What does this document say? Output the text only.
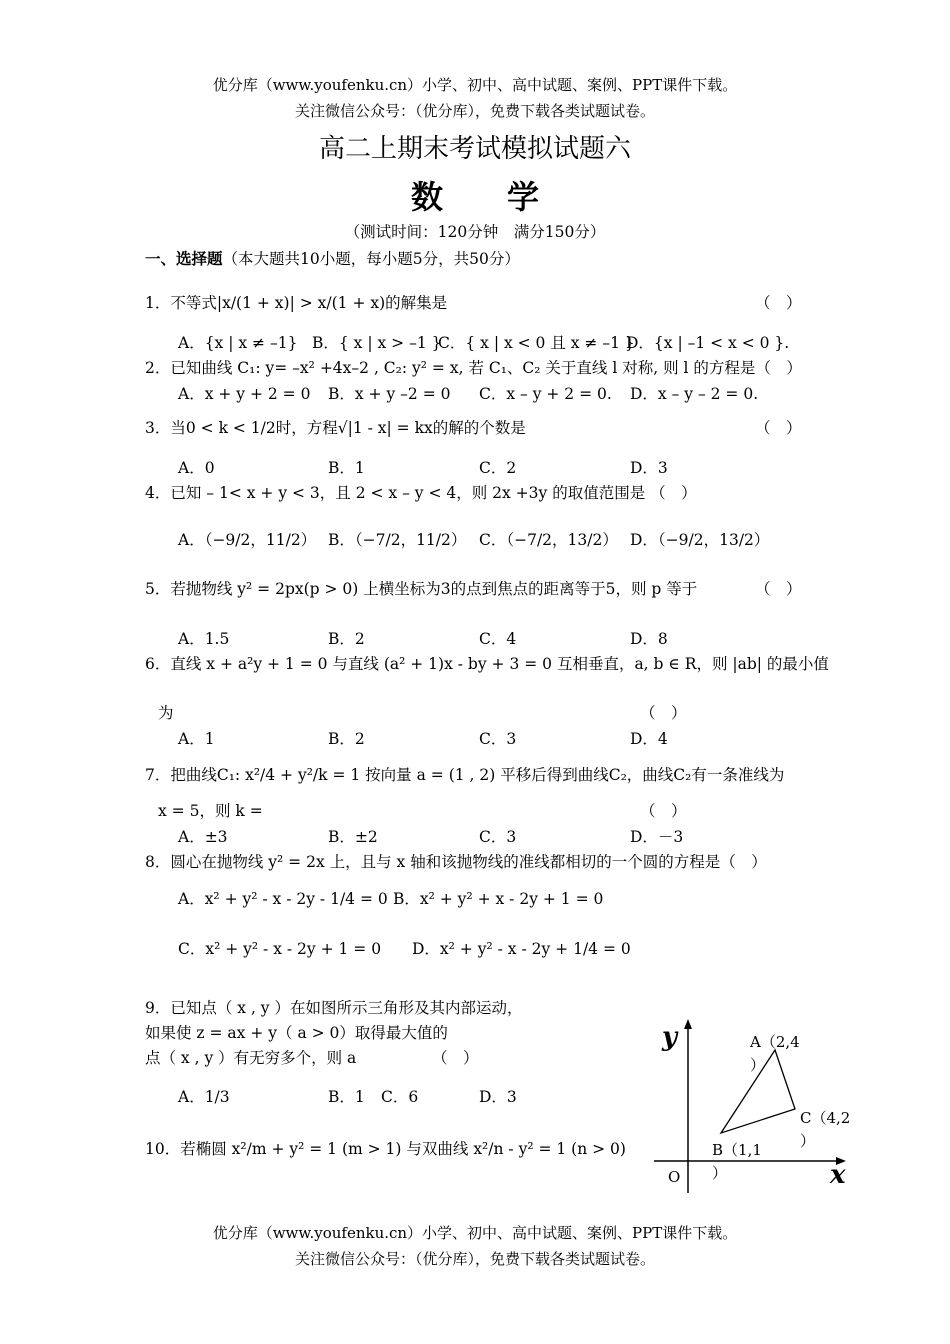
优分库（www.youfenku.cn）小学、初中、高中试题、案例、PPT课件下载。
关注微信公众号：（优分库），免费下载各类试题试卷。
高二上期末考试模拟试题六
数　　学
（测试时间：120分钟　满分150分）
一、选择题（本大题共10小题，每小题5分，共50分）
1．不等式|x/(1 + x)| > x/(1 + x)的解集是	（　）
A．{x | x ≠ –1} B．{ x | x > –1 }
C．{ x | x < 0 且 x ≠ –1 }
D．{x | –1 < x < 0 }.
2．已知曲线 C₁: y= –x² +4x–2 , C₂: y² = x, 若 C₁、C₂ 关于直线 l 对称, 则 l 的方程是（　）
A．x + y + 2 = 0 B．x + y –2 = 0 C．x – y + 2 = 0. D．x – y – 2 = 0.
3．当0 < k < 1/2时，方程√|1 - x| = kx的解的个数是	（　）
A．0	B．1	C．2	D．3
4．已知 – 1< x + y < 3，且 2 < x – y < 4，则 2x +3y 的取值范围是 （　）
A．（−9/2，11/2） B．（−7/2，11/2） C．（−7/2，13/2） D．（−9/2，13/2）
5．若抛物线 y² = 2px(p > 0) 上横坐标为3的点到焦点的距离等于5，则 p 等于	（　）
A．1.5	B．2	C．4	D．8
6．直线 x + a²y + 1 = 0 与直线 (a² + 1)x - by + 3 = 0 互相垂直，a, b ∈ R，则 |ab| 的最小值
为	（　）
A．1	B．2	C．3	D．4
7．把曲线C₁: x²/4 + y²/k = 1 按向量 a = (1 , 2) 平移后得到曲线C₂，曲线C₂有一条准线为
x = 5，则 k =	（　）
A．±3	B．±2	C．3	D．－3
8．圆心在抛物线 y² = 2x 上，且与 x 轴和该抛物线的准线都相切的一个圆的方程是（　）
A．x² + y² - x - 2y - 1/4 = 0 B．x² + y² + x - 2y + 1 = 0
C．x² + y² - x - 2y + 1 = 0 D．x² + y² - x - 2y + 1/4 = 0
9．已知点（ x , y ）在如图所示三角形及其内部运动，
如果使 z = ax + y（ a > 0）取得最大值的
点（ x , y ）有无穷多个，则 a	（　）
A．1/3	B．1 C．6	D．3
10．若椭圆 x²/m + y² = 1 (m > 1) 与双曲线 x²/n - y² = 1 (n > 0)
y
x
O
A（2,4
）
B（1,1
）
C（4,2
）
优分库（www.youfenku.cn）小学、初中、高中试题、案例、PPT课件下载。
关注微信公众号：（优分库），免费下载各类试题试卷。
